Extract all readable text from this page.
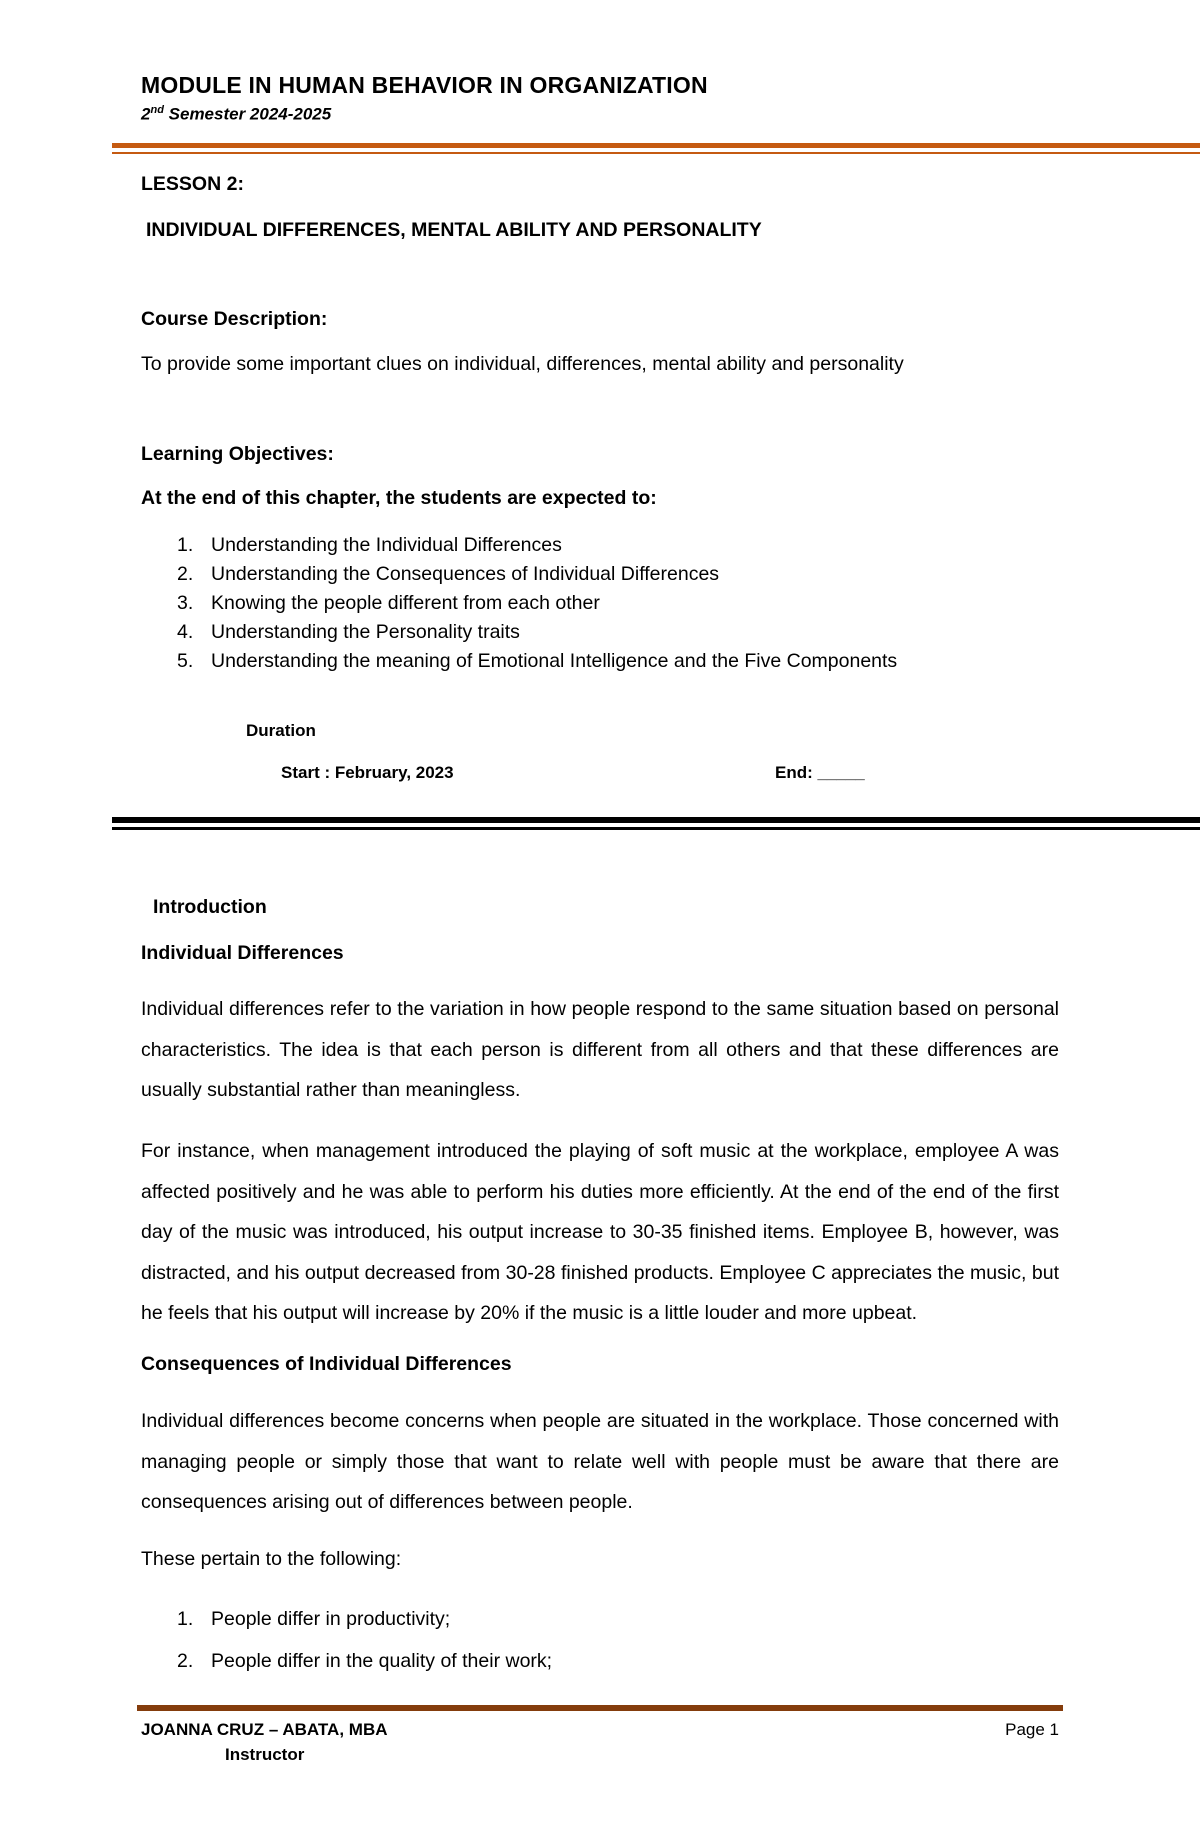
MODULE IN HUMAN BEHAVIOR IN ORGANIZATION
2nd Semester 2024-2025
LESSON 2:
INDIVIDUAL DIFFERENCES, MENTAL ABILITY AND PERSONALITY
Course Description:
To provide some important clues on individual, differences, mental ability and personality
Learning Objectives:
At the end of this chapter, the students are expected to:
1. Understanding the Individual Differences
2. Understanding the Consequences of Individual Differences
3. Knowing the people different from each other
4. Understanding the Personality traits
5. Understanding the meaning of Emotional Intelligence and the Five Components
Duration
Start : February, 2023	End: _____
Introduction
Individual Differences
Individual differences refer to the variation in how people respond to the same situation based on personal characteristics. The idea is that each person is different from all others and that these differences are usually substantial rather than meaningless.
For instance, when management introduced the playing of soft music at the workplace, employee A was affected positively and he was able to perform his duties more efficiently. At the end of the end of the first day of the music was introduced, his output increase to 30-35 finished items. Employee B, however, was distracted, and his output decreased from 30-28 finished products. Employee C appreciates the music, but he feels that his output will increase by 20% if the music is a little louder and more upbeat.
Consequences of Individual Differences
Individual differences become concerns when people are situated in the workplace. Those concerned with managing people or simply those that want to relate well with people must be aware that there are consequences arising out of differences between people.
These pertain to the following:
1. People differ in productivity;
2. People differ in the quality of their work;
JOANNA CRUZ – ABATA, MBA
Instructor
Page 1
